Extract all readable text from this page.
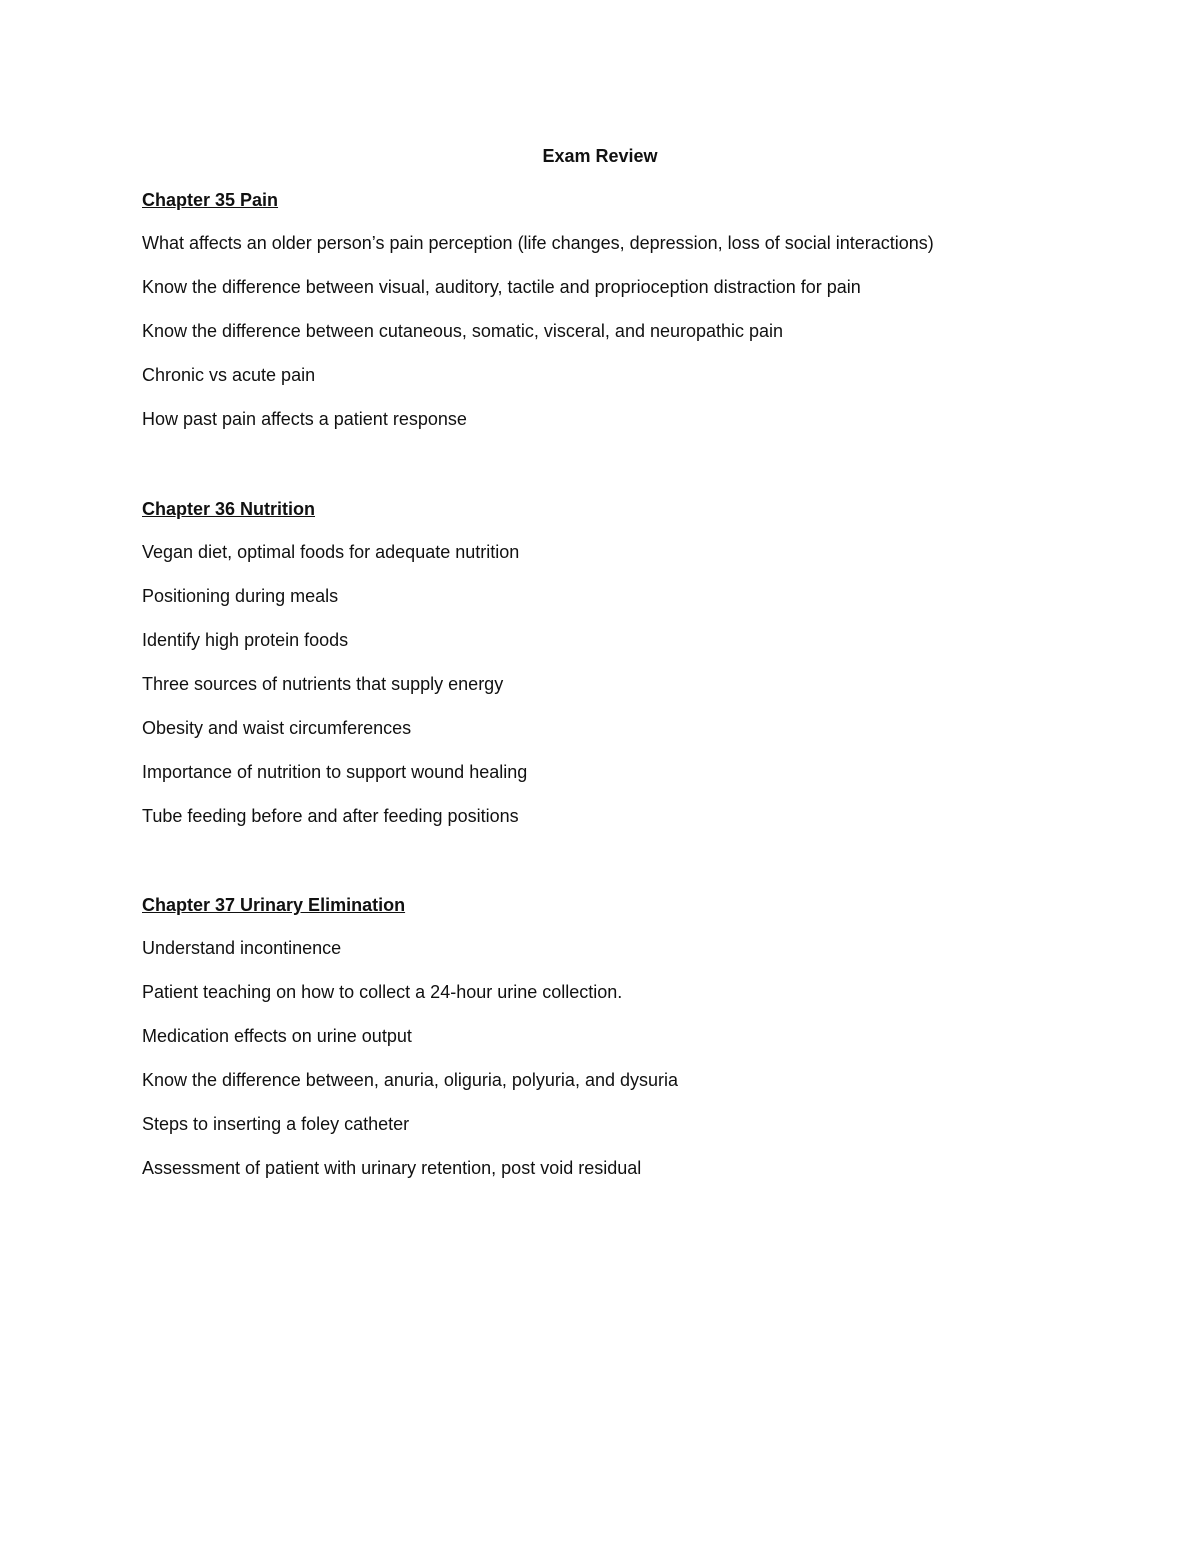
Exam Review
Chapter 35 Pain
What affects an older person’s pain perception (life changes, depression, loss of social interactions)
Know the difference between visual, auditory, tactile and proprioception distraction for pain
Know the difference between cutaneous, somatic, visceral, and neuropathic pain
Chronic vs acute pain
How past pain affects a patient response
Chapter 36 Nutrition
Vegan diet, optimal foods for adequate nutrition
Positioning during meals
Identify high protein foods
Three sources of nutrients that supply energy
Obesity and waist circumferences
Importance of nutrition to support wound healing
Tube feeding before and after feeding positions
Chapter 37 Urinary Elimination
Understand incontinence
Patient teaching on how to collect a 24-hour urine collection.
Medication effects on urine output
Know the difference between, anuria, oliguria, polyuria, and dysuria
Steps to inserting a foley catheter
Assessment of patient with urinary retention, post void residual
